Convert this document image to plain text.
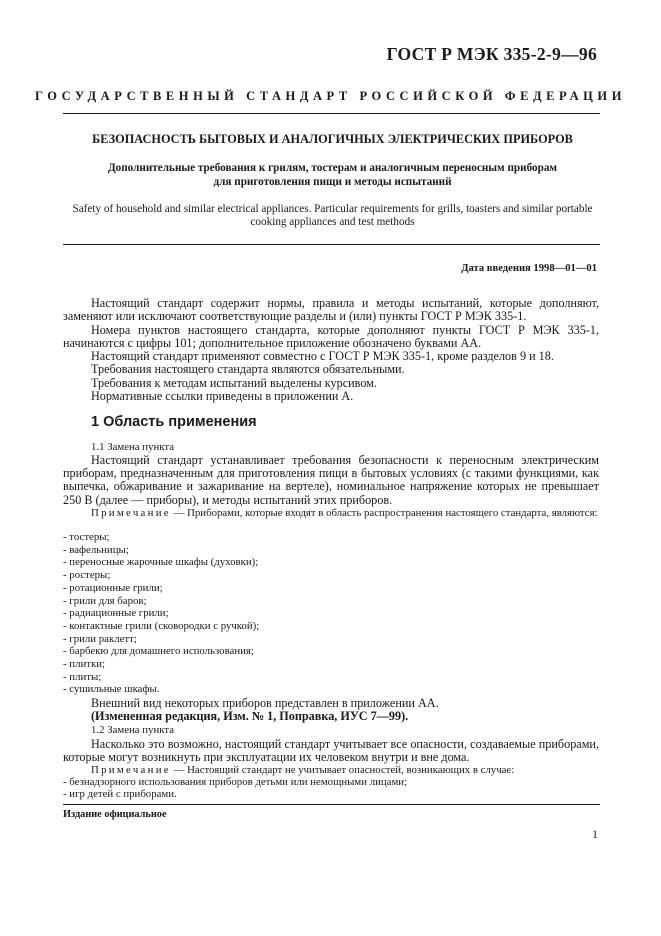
ГОСТ Р МЭК 335-2-9—96
ГОСУДАРСТВЕННЫЙ СТАНДАРТ РОССИЙСКОЙ ФЕДЕРАЦИИ
БЕЗОПАСНОСТЬ БЫТОВЫХ И АНАЛОГИЧНЫХ ЭЛЕКТРИЧЕСКИХ ПРИБОРОВ
Дополнительные требования к грилям, тостерам и аналогичным переносным приборам
для приготовления пищи и методы испытаний
Safety of household and similar electrical appliances. Particular requirements for grills, toasters and similar portable
cooking appliances and test methods
Дата введения 1998—01—01
Настоящий стандарт содержит нормы, правила и методы испытаний, которые дополняют, заменяют или исключают соответствующие разделы и (или) пункты ГОСТ Р МЭК 335-1.
Номера пунктов настоящего стандарта, которые дополняют пункты ГОСТ Р МЭК 335-1, начинаются с цифры 101; дополнительное приложение обозначено буквами АА.
Настоящий стандарт применяют совместно с ГОСТ Р МЭК 335-1, кроме разделов 9 и 18.
Требования настоящего стандарта являются обязательными.
Требования к методам испытаний выделены курсивом.
Нормативные ссылки приведены в приложении А.
1 Область применения
1.1 Замена пункта
Настоящий стандарт устанавливает требования безопасности к переносным электрическим приборам, предназначенным для приготовления пищи в бытовых условиях (с такими функциями, как выпечка, обжаривание и зажаривание на вертеле), номинальное напряжение которых не превышает 250 В (далее — приборы), и методы испытаний этих приборов.
Примечание — Приборами, которые входят в область распространения настоящего стандарта, являются:
- тостеры;
- вафельницы;
- переносные жарочные шкафы (духовки);
- ростеры;
- ротационные грили;
- грили для баров;
- радиационные грили;
- контактные грили (сковородки с ручкой);
- грили раклетт;
- барбекю для домашнего использования;
- плитки;
- плиты;
- сушильные шкафы.
Внешний вид некоторых приборов представлен в приложении АА.
(Измененная редакция, Изм. № 1, Поправка, ИУС 7—99).
1.2 Замена пункта
Насколько это возможно, настоящий стандарт учитывает все опасности, создаваемые приборами, которые могут возникнуть при эксплуатации их человеком внутри и вне дома.
Примечание — Настоящий стандарт не учитывает опасностей, возникающих в случае:
- безнадзорного использования приборов детьми или немощными лицами;
- игр детей с приборами.
Издание официальное
1
